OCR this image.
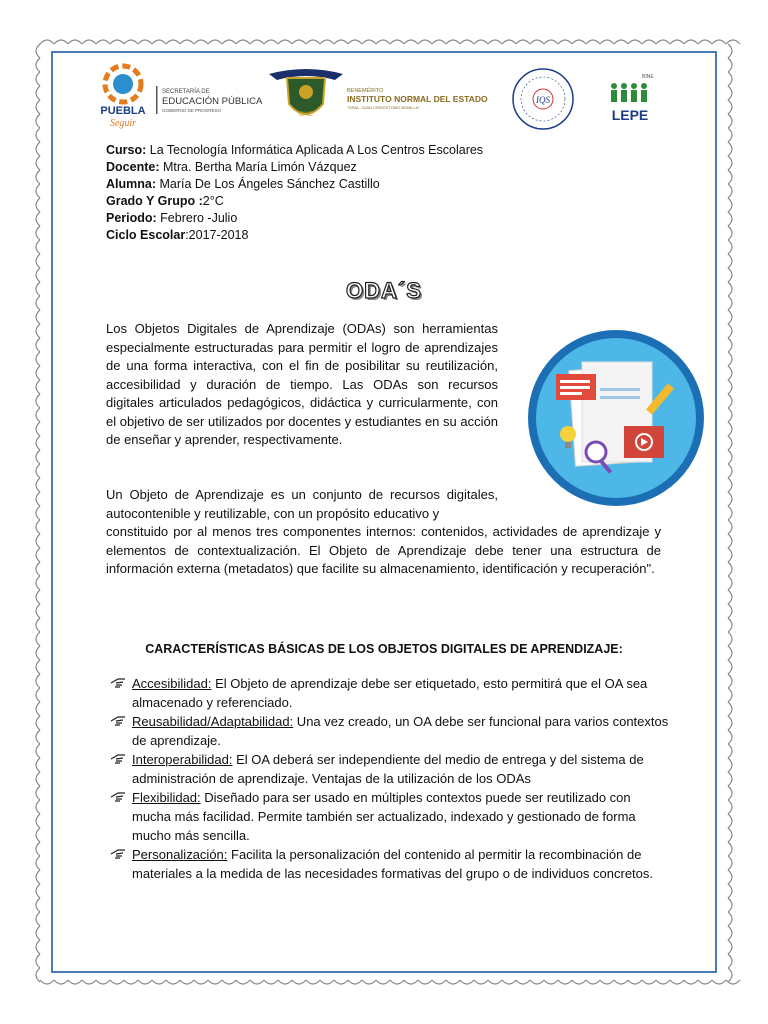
PUEBLA
Seguir
SECRETARÍA DE
EDUCACIÓN PÚBLICA
GOBIERNO DE PROGRESO
BINE
BENEMÉRITO
INSTITUTO NORMAL DEL ESTADO
"GRAL. JUAN CRISÓSTOMO BONILLA"
IQS
BINE
LEPE
Curso: La Tecnología Informática Aplicada A Los Centros Escolares
Docente: Mtra. Bertha María Limón Vázquez
Alumna: María De Los Ángeles Sánchez Castillo
Grado Y Grupo :2°C
Periodo: Febrero -Julio
Ciclo Escolar:2017-2018
ODA´S
Los Objetos Digitales de Aprendizaje (ODAs) son herramientas especialmente estructuradas para permitir el logro de aprendizajes de una forma interactiva, con el fin de posibilitar su reutilización, accesibilidad y duración de tiempo. Las ODAs son recursos digitales articulados pedagógicos, didáctica y curricularmente, con el objetivo de ser utilizados por docentes y estudiantes en su acción de enseñar y aprender, respectivamente.
Un Objeto de Aprendizaje es un conjunto de recursos digitales, autocontenible y reutilizable, con un propósito educativo y
constituido por al menos tres componentes internos: contenidos, actividades de aprendizaje y elementos de contextualización. El Objeto de Aprendizaje debe tener una estructura de información externa (metadatos) que facilite su almacenamiento, identificación y recuperación".
CARACTERÍSTICAS BÁSICAS DE LOS OBJETOS DIGITALES DE APRENDIZAJE:
Accesibilidad: El Objeto de aprendizaje debe ser etiquetado, esto permitirá que el OA sea almacenado y referenciado.
Reusabilidad/Adaptabilidad: Una vez creado, un OA debe ser funcional para varios contextos de aprendizaje.
Interoperabilidad: El OA deberá ser independiente del medio de entrega y del sistema de administración de aprendizaje. Ventajas de la utilización de los ODAs
Flexibilidad: Diseñado para ser usado en múltiples contextos puede ser reutilizado con mucha más facilidad. Permite también ser actualizado, indexado y gestionado de forma mucho más sencilla.
Personalización: Facilita la personalización del contenido al permitir la recombinación de materiales a la medida de las necesidades formativas del grupo o de individuos concretos.
